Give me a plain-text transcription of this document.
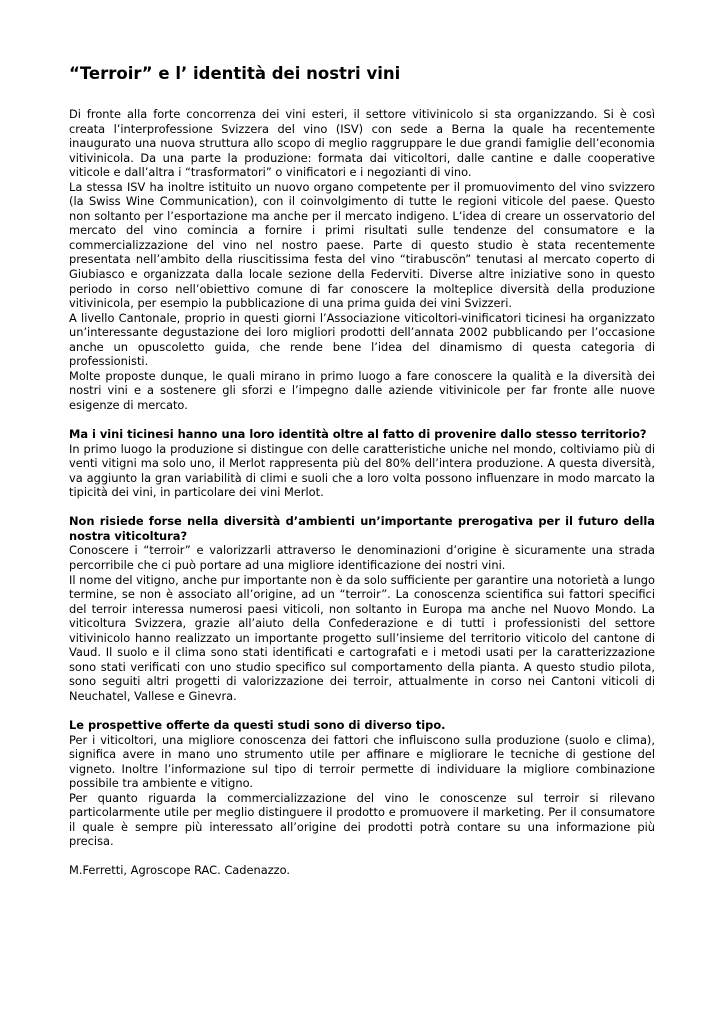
“Terroir” e l’ identità dei nostri vini

Di fronte alla forte concorrenza dei vini esteri, il settore vitivinicolo si sta organizzando. Si è così creata l’interprofessione Svizzera del vino (ISV) con sede a Berna la quale ha recentemente inaugurato una nuova struttura allo scopo di meglio raggruppare le due grandi famiglie dell’economia vitivinicola. Da una parte la produzione: formata dai viticoltori, dalle cantine e dalle cooperative viticole e dall’altra i “trasformatori” o vinificatori e i negozianti di vino.

La stessa ISV ha inoltre istituito un nuovo organo competente per il promuovimento del vino svizzero (la Swiss Wine Communication), con il coinvolgimento di tutte le regioni viticole del paese. Questo non soltanto per l’esportazione ma anche per il mercato indigeno. L’idea di creare un osservatorio del mercato del vino comincia a fornire i primi risultati sulle tendenze del consumatore e la commercializzazione del vino nel nostro paese. Parte di questo studio è stata recentemente presentata nell’ambito della riuscitissima festa del vino “tirabuscön” tenutasi al mercato coperto di Giubiasco e organizzata dalla locale sezione della Federviti. Diverse altre iniziative sono in questo periodo in corso nell’obiettivo comune di far conoscere la molteplice diversità della produzione vitivinicola, per esempio la pubblicazione di una prima guida dei vini Svizzeri.

A livello Cantonale, proprio in questi giorni l’Associazione viticoltori-vinificatori ticinesi ha organizzato un’interessante degustazione dei loro migliori prodotti dell’annata 2002 pubblicando per l’occasione anche un opuscoletto guida, che rende bene l’idea del dinamismo di questa categoria di professionisti.

Molte proposte dunque, le quali mirano in primo luogo a fare conoscere la qualità e la diversità dei nostri vini e a sostenere gli sforzi e l’impegno dalle aziende vitivinicole per far fronte alle nuove esigenze di mercato.

Ma i vini ticinesi hanno una loro identità oltre al fatto di provenire dallo stesso territorio?

In primo luogo la produzione si distingue con delle caratteristiche uniche nel mondo, coltiviamo più di venti vitigni ma solo uno, il Merlot rappresenta più del 80% dell’intera produzione. A questa diversità, va aggiunto la gran variabilità di climi e suoli che a loro volta possono influenzare in modo marcato la tipicità dei vini, in particolare dei vini Merlot.

Non risiede forse nella diversità d’ambienti un’importante prerogativa per il futuro della nostra viticoltura?

Conoscere i “terroir” e valorizzarli attraverso le denominazioni d’origine è sicuramente una strada percorribile che ci può portare ad una migliore identificazione dei nostri vini.

Il nome del vitigno, anche pur importante non è da solo sufficiente per garantire una notorietà a lungo termine, se non è associato all’origine, ad un “terroir”. La conoscenza scientifica sui fattori specifici del terroir interessa numerosi paesi viticoli, non soltanto in Europa ma anche nel Nuovo Mondo. La viticoltura Svizzera, grazie all’aiuto della Confederazione e di tutti i professionisti del settore vitivinicolo hanno realizzato un importante progetto sull’insieme del territorio viticolo del cantone di Vaud. Il suolo e il clima sono stati identificati e cartografati e i metodi usati per la caratterizzazione sono stati verificati con uno studio specifico sul comportamento della pianta. A questo studio pilota, sono seguiti altri progetti di valorizzazione dei terroir, attualmente in corso nei Cantoni viticoli di Neuchatel, Vallese e Ginevra.

Le prospettive offerte da questi studi sono di diverso tipo.

Per i viticoltori, una migliore conoscenza dei fattori che influiscono sulla produzione (suolo e clima), significa avere in mano uno strumento utile per affinare e migliorare le tecniche di gestione del vigneto. Inoltre l’informazione sul tipo di terroir permette di individuare la migliore combinazione possibile tra ambiente e vitigno.

Per quanto riguarda la commercializzazione del vino le conoscenze sul terroir si rilevano particolarmente utile per meglio distinguere il prodotto e promuovere il marketing. Per il consumatore il quale è sempre più interessato all’origine dei prodotti potrà contare su una informazione più precisa.

M.Ferretti, Agroscope RAC. Cadenazzo.
